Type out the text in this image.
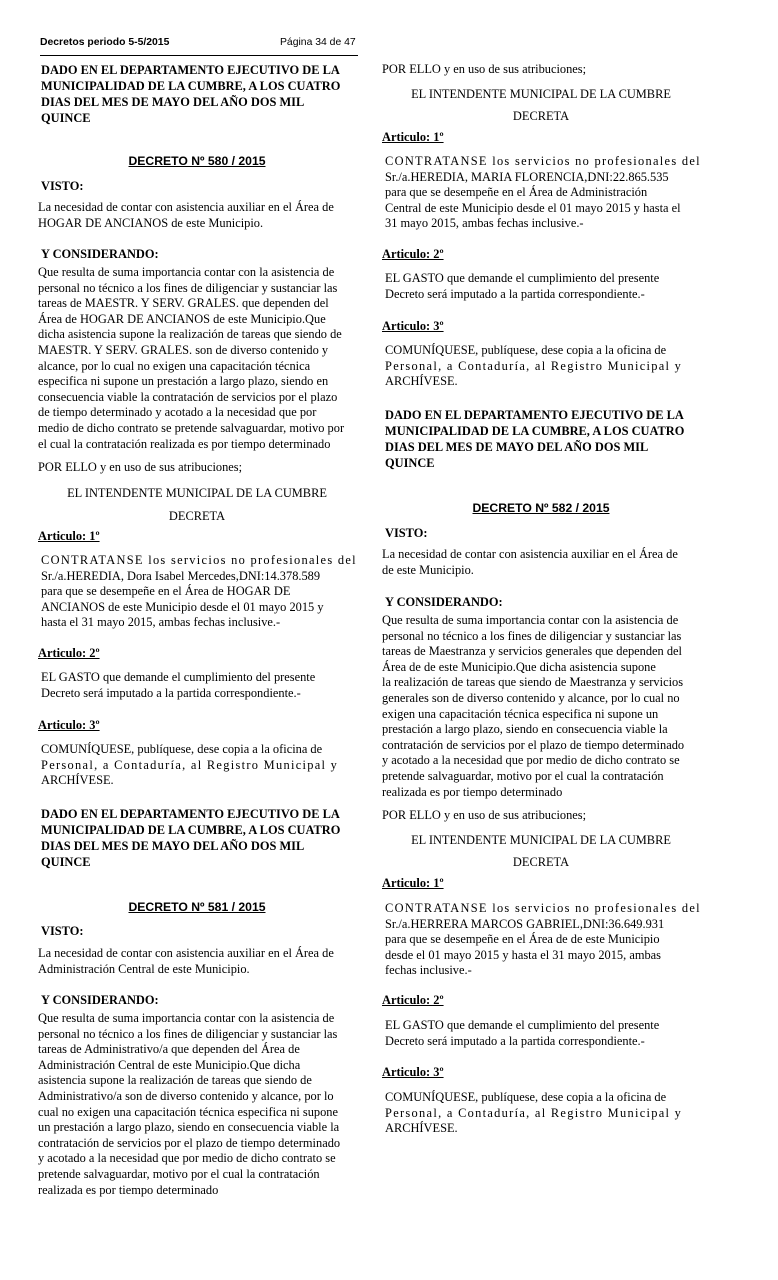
Decretos periodo 5-5/2015	Página 34 de 47
DADO EN EL DEPARTAMENTO EJECUTIVO DE LA
MUNICIPALIDAD DE LA CUMBRE, A LOS CUATRO
DIAS DEL MES DE MAYO DEL AÑO DOS MIL
QUINCE
DECRETO Nº 580 / 2015
VISTO:
La necesidad de contar con asistencia auxiliar en el Área de
HOGAR DE ANCIANOS de este Municipio.
Y CONSIDERANDO:
Que resulta de suma importancia contar con la asistencia de
personal no técnico a los fines de diligenciar y sustanciar las
tareas de MAESTR. Y SERV. GRALES. que dependen del
Área de HOGAR DE ANCIANOS de este Municipio.Que
dicha asistencia supone la realización de tareas que siendo de
MAESTR. Y SERV. GRALES. son de diverso contenido y
alcance, por lo cual no exigen una capacitación técnica
especifica ni supone un prestación a largo plazo, siendo en
consecuencia viable la contratación de servicios por el plazo
de tiempo determinado y acotado a la necesidad que por
medio de dicho contrato se pretende salvaguardar, motivo por
el cual la contratación realizada es por tiempo determinado
POR ELLO y en uso de sus atribuciones;
EL INTENDENTE MUNICIPAL DE LA CUMBRE
DECRETA
Articulo: 1º
CONTRATANSE los servicios no profesionales del
Sr./a.HEREDIA, Dora Isabel Mercedes,DNI:14.378.589
para que se desempeñe en el Área de HOGAR DE
ANCIANOS de este Municipio desde el 01 mayo 2015 y
hasta el 31 mayo 2015, ambas fechas inclusive.-
Articulo: 2º
EL GASTO que demande el cumplimiento del presente
Decreto será imputado a la partida correspondiente.-
Articulo: 3º
COMUNÍQUESE, publíquese, dese copia a la oficina de
Personal, a Contaduría, al Registro Municipal y
ARCHÍVESE.
DADO EN EL DEPARTAMENTO EJECUTIVO DE LA
MUNICIPALIDAD DE LA CUMBRE, A LOS CUATRO
DIAS DEL MES DE MAYO DEL AÑO DOS MIL
QUINCE
DECRETO Nº 581 / 2015
VISTO:
La necesidad de contar con asistencia auxiliar en el Área de
Administración Central de este Municipio.
Y CONSIDERANDO:
Que resulta de suma importancia contar con la asistencia de
personal no técnico a los fines de diligenciar y sustanciar las
tareas de Administrativo/a que dependen del Área de
Administración Central de este Municipio.Que dicha
asistencia supone la realización de tareas que siendo de
Administrativo/a son de diverso contenido y alcance, por lo
cual no exigen una capacitación técnica especifica ni supone
un prestación a largo plazo, siendo en consecuencia viable la
contratación de servicios por el plazo de tiempo determinado
y acotado a la necesidad que por medio de dicho contrato se
pretende salvaguardar, motivo por el cual la contratación
realizada es por tiempo determinado
POR ELLO y en uso de sus atribuciones;
EL INTENDENTE MUNICIPAL DE LA CUMBRE
DECRETA
Articulo: 1º
CONTRATANSE los servicios no profesionales del
Sr./a.HEREDIA, MARIA FLORENCIA,DNI:22.865.535
para que se desempeñe en el Área de Administración
Central de este Municipio desde el 01 mayo 2015 y hasta el
31 mayo 2015, ambas fechas inclusive.-
Articulo: 2º
EL GASTO que demande el cumplimiento del presente
Decreto será imputado a la partida correspondiente.-
Articulo: 3º
COMUNÍQUESE, publíquese, dese copia a la oficina de
Personal, a Contaduría, al Registro Municipal y
ARCHÍVESE.
DADO EN EL DEPARTAMENTO EJECUTIVO DE LA
MUNICIPALIDAD DE LA CUMBRE, A LOS CUATRO
DIAS DEL MES DE MAYO DEL AÑO DOS MIL
QUINCE
DECRETO Nº 582 / 2015
VISTO:
La necesidad de contar con asistencia auxiliar en el Área de
de este Municipio.
Y CONSIDERANDO:
Que resulta de suma importancia contar con la asistencia de
personal no técnico a los fines de diligenciar y sustanciar las
tareas de Maestranza y servicios generales que dependen del
Área de de este Municipio.Que dicha asistencia supone
la realización de tareas que siendo de Maestranza y servicios
generales son de diverso contenido y alcance, por lo cual no
exigen una capacitación técnica especifica ni supone un
prestación a largo plazo, siendo en consecuencia viable la
contratación de servicios por el plazo de tiempo determinado
y acotado a la necesidad que por medio de dicho contrato se
pretende salvaguardar, motivo por el cual la contratación
realizada es por tiempo determinado
POR ELLO y en uso de sus atribuciones;
EL INTENDENTE MUNICIPAL DE LA CUMBRE
DECRETA
Articulo: 1º
CONTRATANSE los servicios no profesionales del
Sr./a.HERRERA MARCOS GABRIEL,DNI:36.649.931
para que se desempeñe en el Área de de este Municipio
desde el 01 mayo 2015 y hasta el 31 mayo 2015, ambas
fechas inclusive.-
Articulo: 2º
EL GASTO que demande el cumplimiento del presente
Decreto será imputado a la partida correspondiente.-
Articulo: 3º
COMUNÍQUESE, publíquese, dese copia a la oficina de
Personal, a Contaduría, al Registro Municipal y
ARCHÍVESE.
